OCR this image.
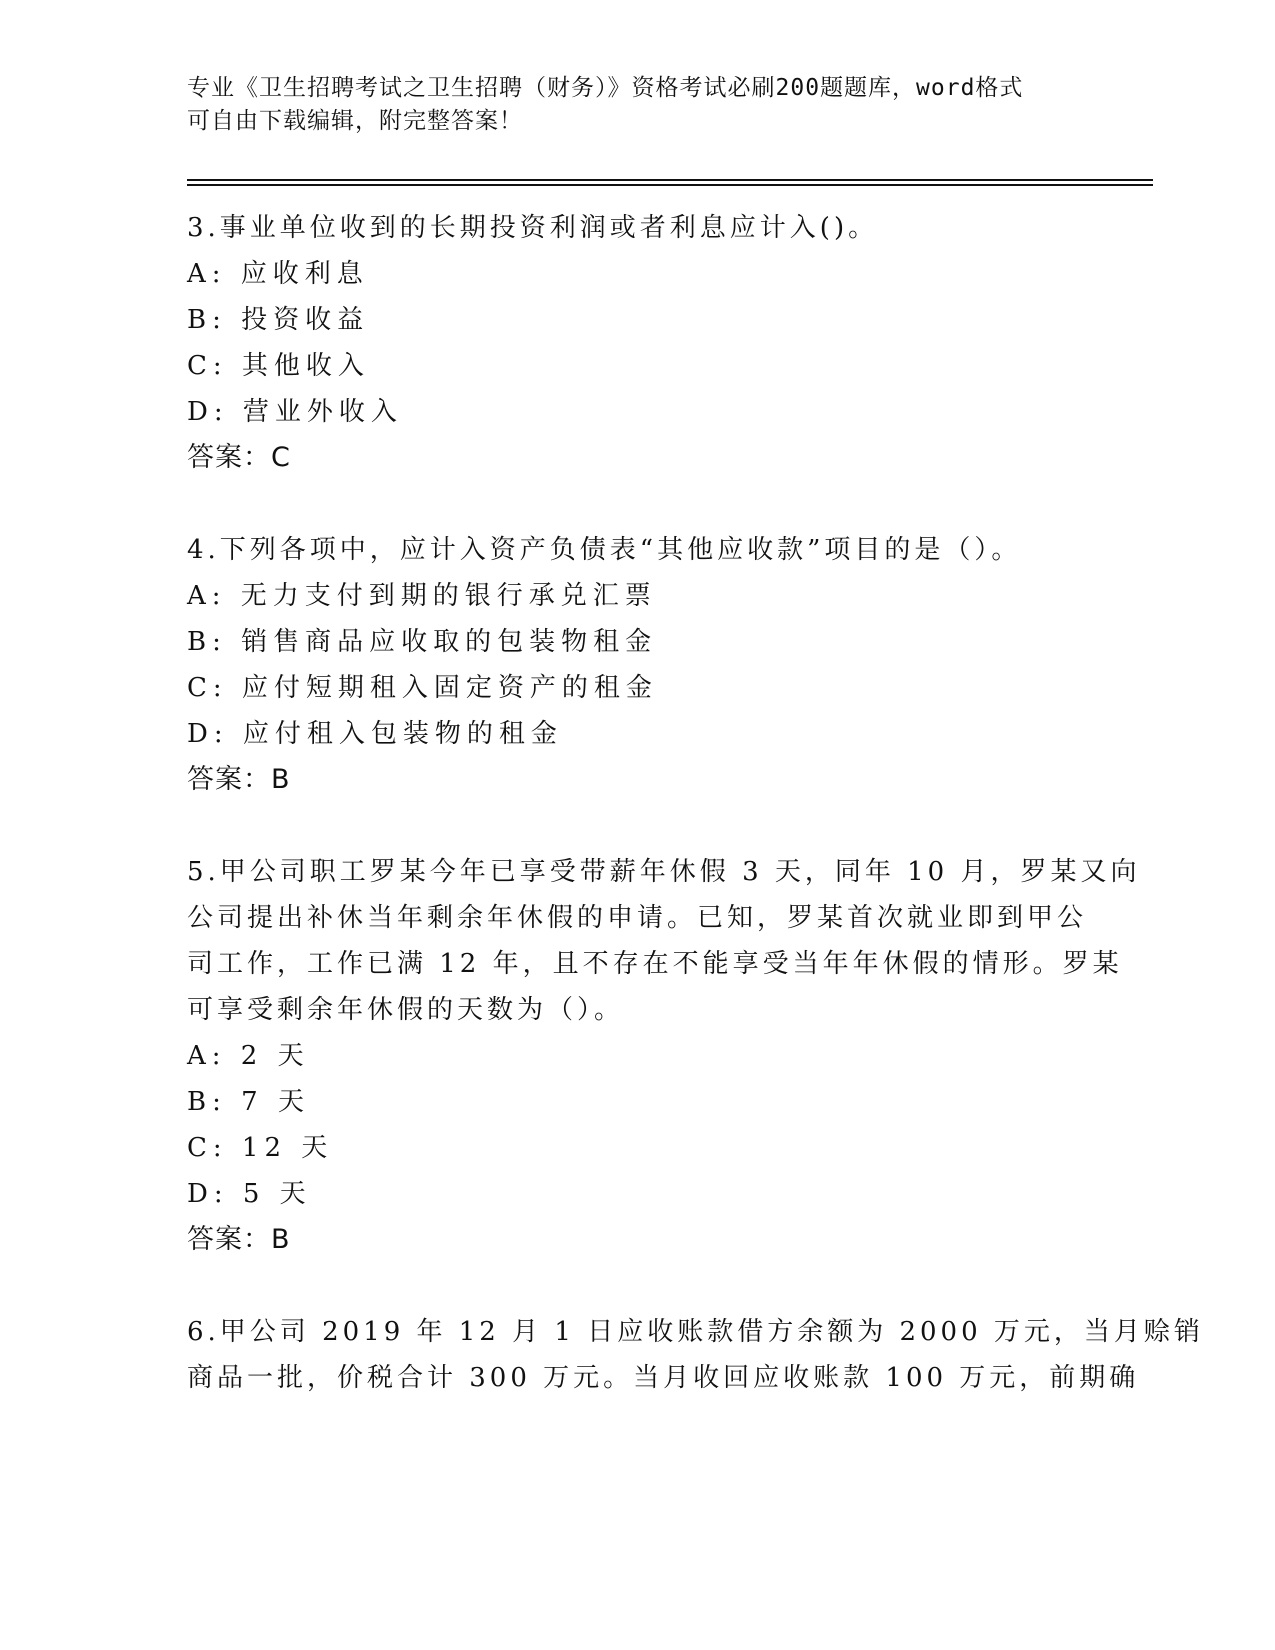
专业《卫生招聘考试之卫生招聘（财务）》资格考试必刷200题题库，word格式
可自由下载编辑，附完整答案！
3.事业单位收到的长期投资利润或者利息应计入()。
A: 应收利息
B: 投资收益
C: 其他收入
D: 营业外收入
答案：C
4.下列各项中，应计入资产负债表“其他应收款”项目的是（）。
A: 无力支付到期的银行承兑汇票
B: 销售商品应收取的包装物租金
C: 应付短期租入固定资产的租金
D: 应付租入包装物的租金
答案：B
5.甲公司职工罗某今年已享受带薪年休假 3 天，同年 10 月，罗某又向
公司提出补休当年剩余年休假的申请。已知，罗某首次就业即到甲公
司工作，工作已满 12 年，且不存在不能享受当年年休假的情形。罗某
可享受剩余年休假的天数为（）。
A: 2 天
B: 7 天
C: 12 天
D: 5 天
答案：B
6.甲公司 2019 年 12 月 1 日应收账款借方余额为 2000 万元，当月赊销
商品一批，价税合计 300 万元。当月收回应收账款 100 万元，前期确
